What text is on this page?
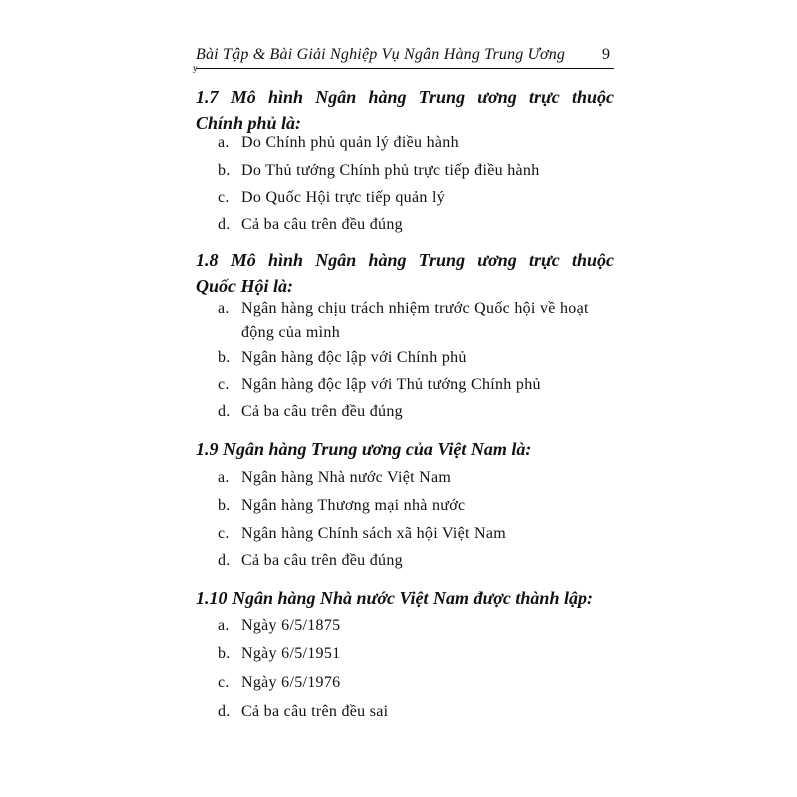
Bài Tập & Bài Giải Nghiệp Vụ Ngân Hàng Trung Ương 9
y
1.7 Mô hình Ngân hàng Trung ương trực thuộc
Chính phủ là:
a. Do Chính phủ quản lý điều hành
b. Do Thủ tướng Chính phủ trực tiếp điều hành
c. Do Quốc Hội trực tiếp quản lý
d. Cả ba câu trên đều đúng
1.8 Mô hình Ngân hàng Trung ương trực thuộc
Quốc Hội là:
a. Ngân hàng chịu trách nhiệm trước Quốc hội về hoạt
động của mình
b. Ngân hàng độc lập với Chính phủ
c. Ngân hàng độc lập với Thủ tướng Chính phủ
d. Cả ba câu trên đều đúng
1.9 Ngân hàng Trung ương của Việt Nam là:
a. Ngân hàng Nhà nước Việt Nam
b. Ngân hàng Thương mại nhà nước
c. Ngân hàng Chính sách xã hội Việt Nam
d. Cả ba câu trên đều đúng
1.10 Ngân hàng Nhà nước Việt Nam được thành lập:
a. Ngày 6/5/1875
b. Ngày 6/5/1951
c. Ngày 6/5/1976
d. Cả ba câu trên đều sai
